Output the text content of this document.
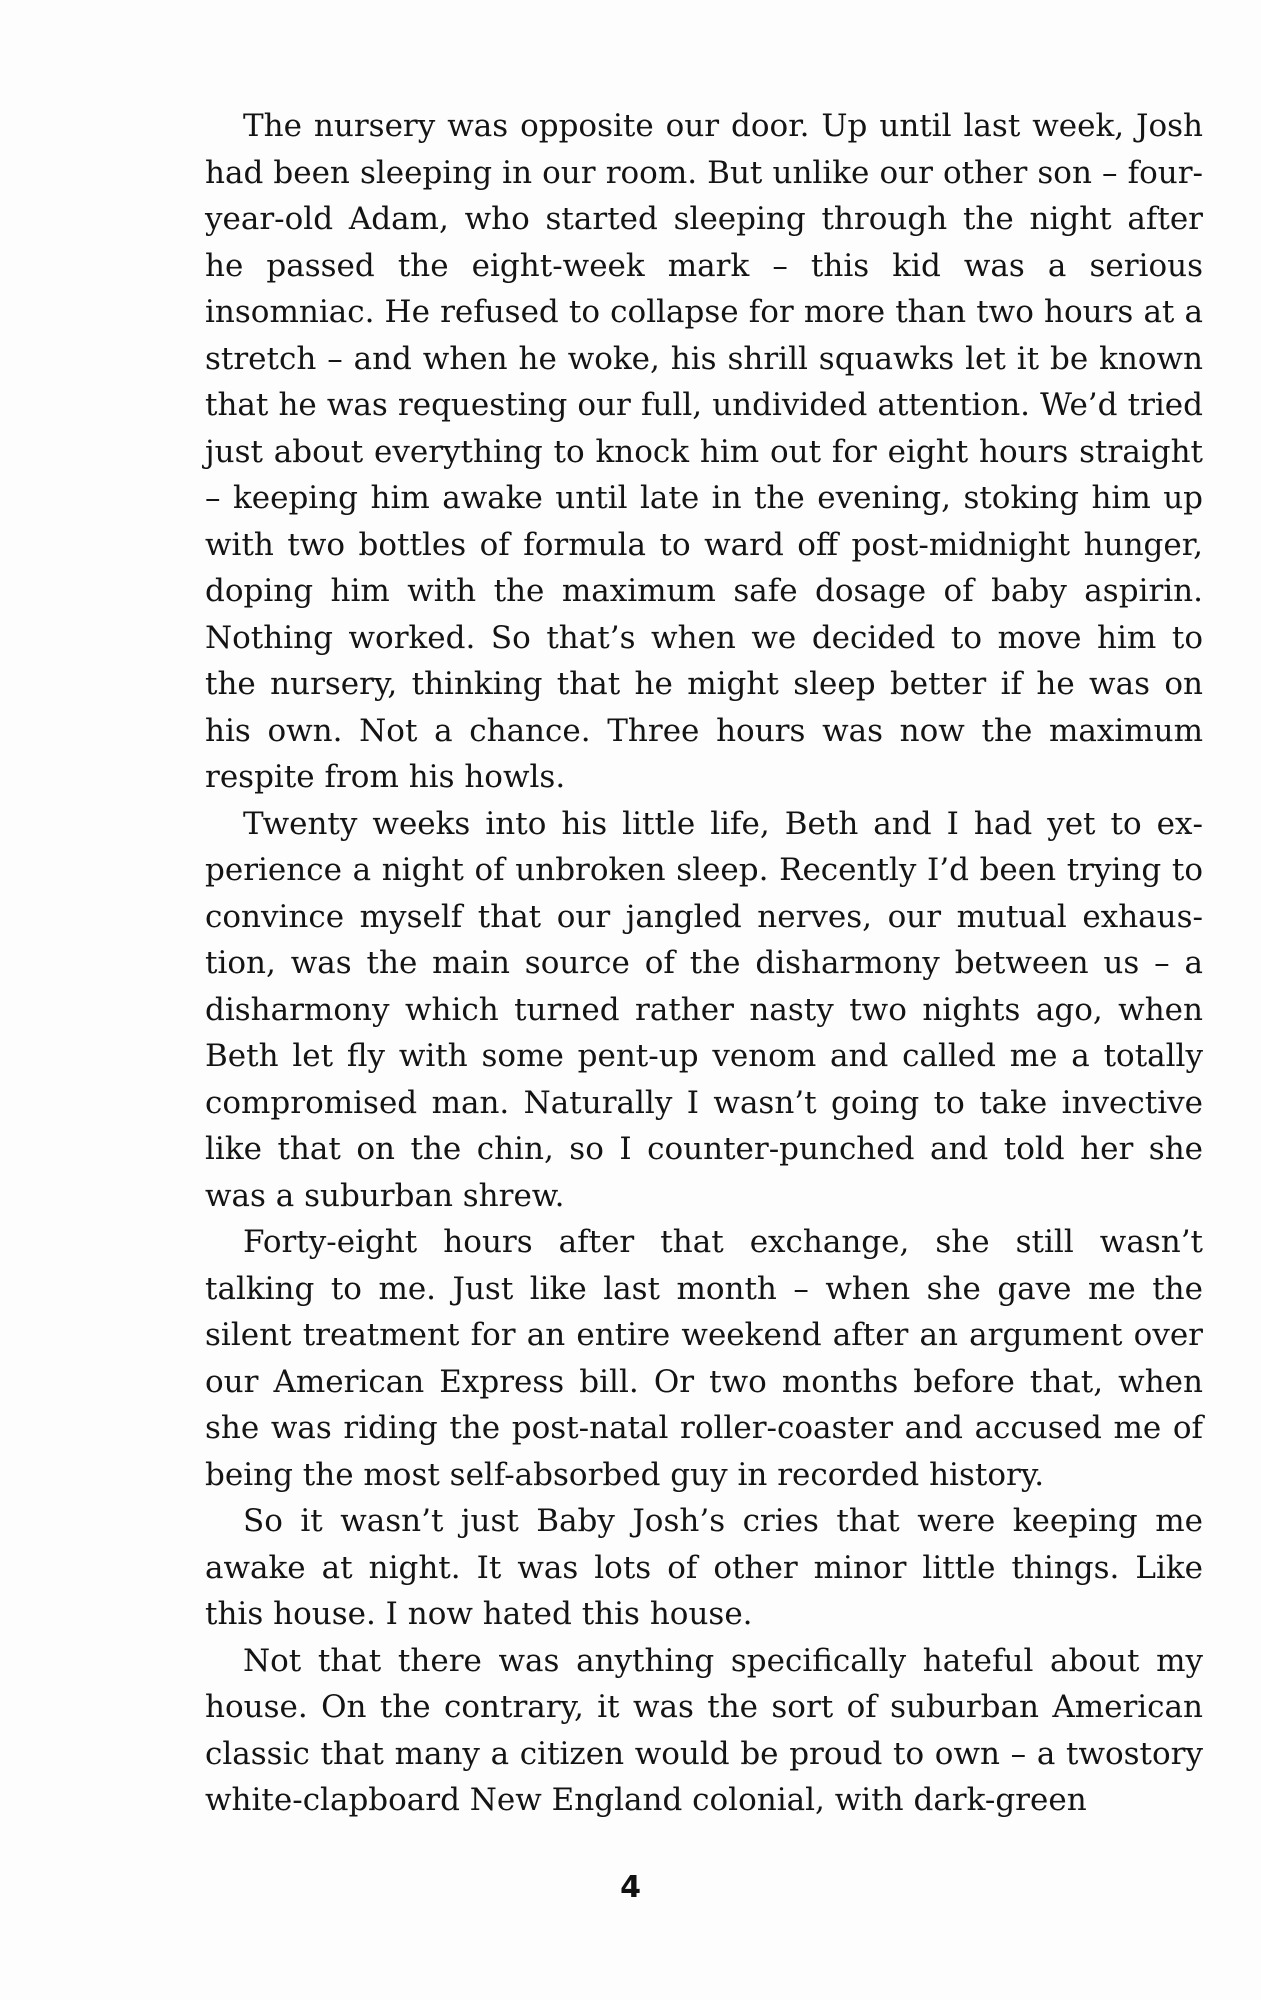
The nursery was opposite our door. Up until last week, Josh had been sleeping in our room. But unlike our other son – four-year-old Adam, who started sleeping through the night after he passed the eight-week mark – this kid was a serious insomniac. He refused to collapse for more than two hours at a stretch – and when he woke, his shrill squawks let it be known that he was requesting our full, undivided attention. We’d tried just about everything to knock him out for eight hours straight – keeping him awake until late in the evening, stoking him up with two bottles of formula to ward off post-midnight hunger, doping him with the maximum safe dosage of baby aspirin. Nothing worked. So that’s when we decided to move him to the nursery, thinking that he might sleep better if he was on his own. Not a chance. Three hours was now the maximum respite from his howls.

Twenty weeks into his little life, Beth and I had yet to experience a night of unbroken sleep. Recently I’d been trying to convince myself that our jangled nerves, our mutual exhaustion, was the main source of the disharmony between us – a disharmony which turned rather nasty two nights ago, when Beth let fly with some pent-up venom and called me a totally compromised man. Naturally I wasn’t going to take invective like that on the chin, so I counter-punched and told her she was a suburban shrew.

Forty-eight hours after that exchange, she still wasn’t talking to me. Just like last month – when she gave me the silent treatment for an entire weekend after an argument over our American Express bill. Or two months before that, when she was riding the post-natal roller-coaster and accused me of being the most self-absorbed guy in recorded history.

So it wasn’t just Baby Josh’s cries that were keeping me awake at night. It was lots of other minor little things. Like this house. I now hated this house.

Not that there was anything specifically hateful about my house. On the contrary, it was the sort of suburban American classic that many a citizen would be proud to own – a twostory white-clapboard New England colonial, with dark-green

4
